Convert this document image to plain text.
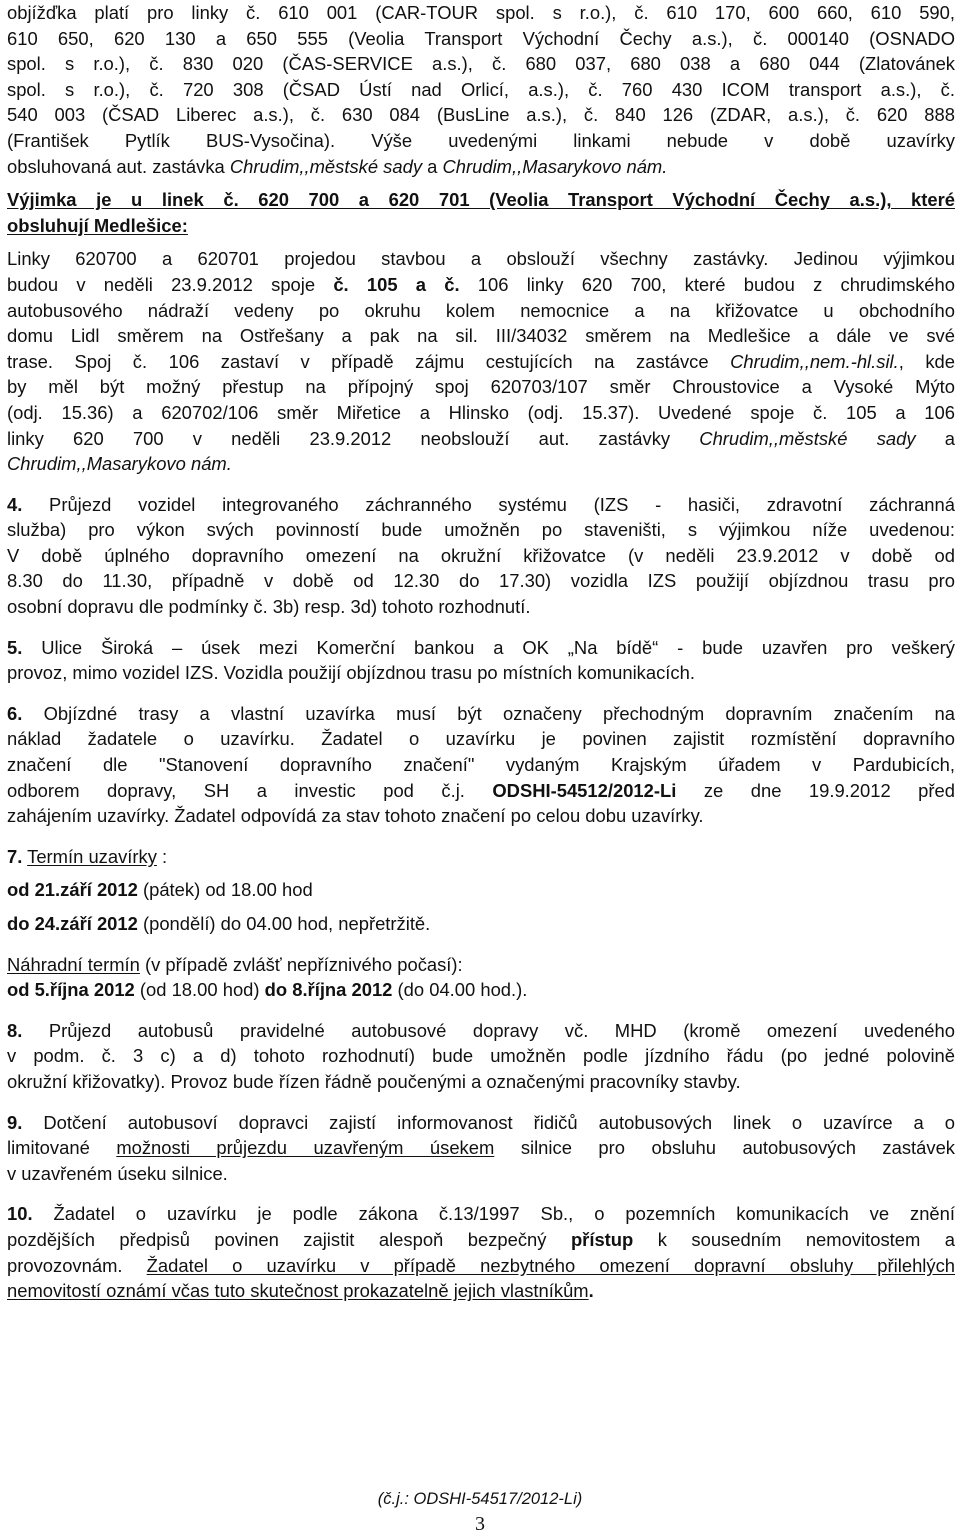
objížďka platí pro linky č. 610 001 (CAR-TOUR spol. s r.o.), č. 610 170, 600 660, 610 590,
610 650, 620 130 a 650 555 (Veolia Transport Východní Čechy a.s.), č. 000140 (OSNADO
spol. s r.o.), č. 830 020 (ČAS-SERVICE a.s.), č. 680 037, 680 038 a 680 044 (Zlatovánek
spol. s r.o.), č. 720 308 (ČSAD Ústí nad Orlicí, a.s.), č. 760 430 ICOM transport a.s.), č.
540 003 (ČSAD Liberec a.s.), č. 630 084 (BusLine a.s.), č. 840 126 (ZDAR, a.s.), č. 620 888
(František Pytlík BUS-Vysočina). Výše uvedenými linkami nebude v době uzavírky
obsluhovaná aut. zastávka Chrudim,,městské sady a Chrudim,,Masarykovo nám.
Výjimka je u linek č. 620 700 a 620 701 (Veolia Transport Východní Čechy a.s.), které
obsluhují Medlešice:
Linky 620700 a 620701 projedou stavbou a obslouží všechny zastávky. Jedinou výjimkou
budou v neděli 23.9.2012 spoje č. 105 a č. 106 linky 620 700, které budou z chrudimského
autobusového nádraží vedeny po okruhu kolem nemocnice a na křižovatce u obchodního
domu Lidl směrem na Ostřešany a pak na sil. III/34032 směrem na Medlešice a dále ve své
trase. Spoj č. 106 zastaví v případě zájmu cestujících na zastávce Chrudim,,nem.-hl.sil., kde
by měl být možný přestup na přípojný spoj 620703/107 směr Chroustovice a Vysoké Mýto
(odj. 15.36) a 620702/106 směr Miřetice a Hlinsko (odj. 15.37). Uvedené spoje č. 105 a 106
linky 620 700 v neděli 23.9.2012 neobslouží aut. zastávky Chrudim,,městské sady a
Chrudim,,Masarykovo nám.
4. Průjezd vozidel integrovaného záchranného systému (IZS - hasiči, zdravotní záchranná
služba) pro výkon svých povinností bude umožněn po staveništi, s výjimkou níže uvedenou:
V době úplného dopravního omezení na okružní křižovatce (v neděli 23.9.2012 v době od
8.30 do 11.30, případně v době od 12.30 do 17.30) vozidla IZS použijí objízdnou trasu pro
osobní dopravu dle podmínky č. 3b) resp. 3d) tohoto rozhodnutí.
5. Ulice Široká – úsek mezi Komerční bankou a OK „Na bídě“ - bude uzavřen pro veškerý
provoz, mimo vozidel IZS. Vozidla použijí objízdnou trasu po místních komunikacích.
6. Objízdné trasy a vlastní uzavírka musí být označeny přechodným dopravním značením na
náklad žadatele o uzavírku. Žadatel o uzavírku je povinen zajistit rozmístění dopravního
značení dle "Stanovení dopravního značení" vydaným Krajským úřadem v Pardubicích,
odborem dopravy, SH a investic pod č.j. ODSHI-54512/2012-Li ze dne 19.9.2012 před
zahájením uzavírky. Žadatel odpovídá za stav tohoto značení po celou dobu uzavírky.
7. Termín uzavírky :
od 21.září 2012 (pátek) od 18.00 hod
do 24.září 2012 (pondělí) do 04.00 hod, nepřetržitě.
Náhradní termín (v případě zvlášť nepříznivého počasí):
od 5.října 2012 (od 18.00 hod) do 8.října 2012 (do 04.00 hod.).
8. Průjezd autobusů pravidelné autobusové dopravy vč. MHD (kromě omezení uvedeného
v podm. č. 3 c) a d) tohoto rozhodnutí) bude umožněn podle jízdního řádu (po jedné polovině
okružní křižovatky). Provoz bude řízen řádně poučenými a označenými pracovníky stavby.
9. Dotčení autobusoví dopravci zajistí informovanost řidičů autobusových linek o uzavírce a o
limitované možnosti průjezdu uzavřeným úsekem silnice pro obsluhu autobusových zastávek
v uzavřeném úseku silnice.
10. Žadatel o uzavírku je podle zákona č.13/1997 Sb., o pozemních komunikacích ve znění
pozdějších předpisů povinen zajistit alespoň bezpečný přístup k sousedním nemovitostem a
provozovnám. Žadatel o uzavírku v případě nezbytného omezení dopravní obsluhy přilehlých
nemovitostí oznámí včas tuto skutečnost prokazatelně jejich vlastníkům.
(č.j.: ODSHI-54517/2012-Li)
3
